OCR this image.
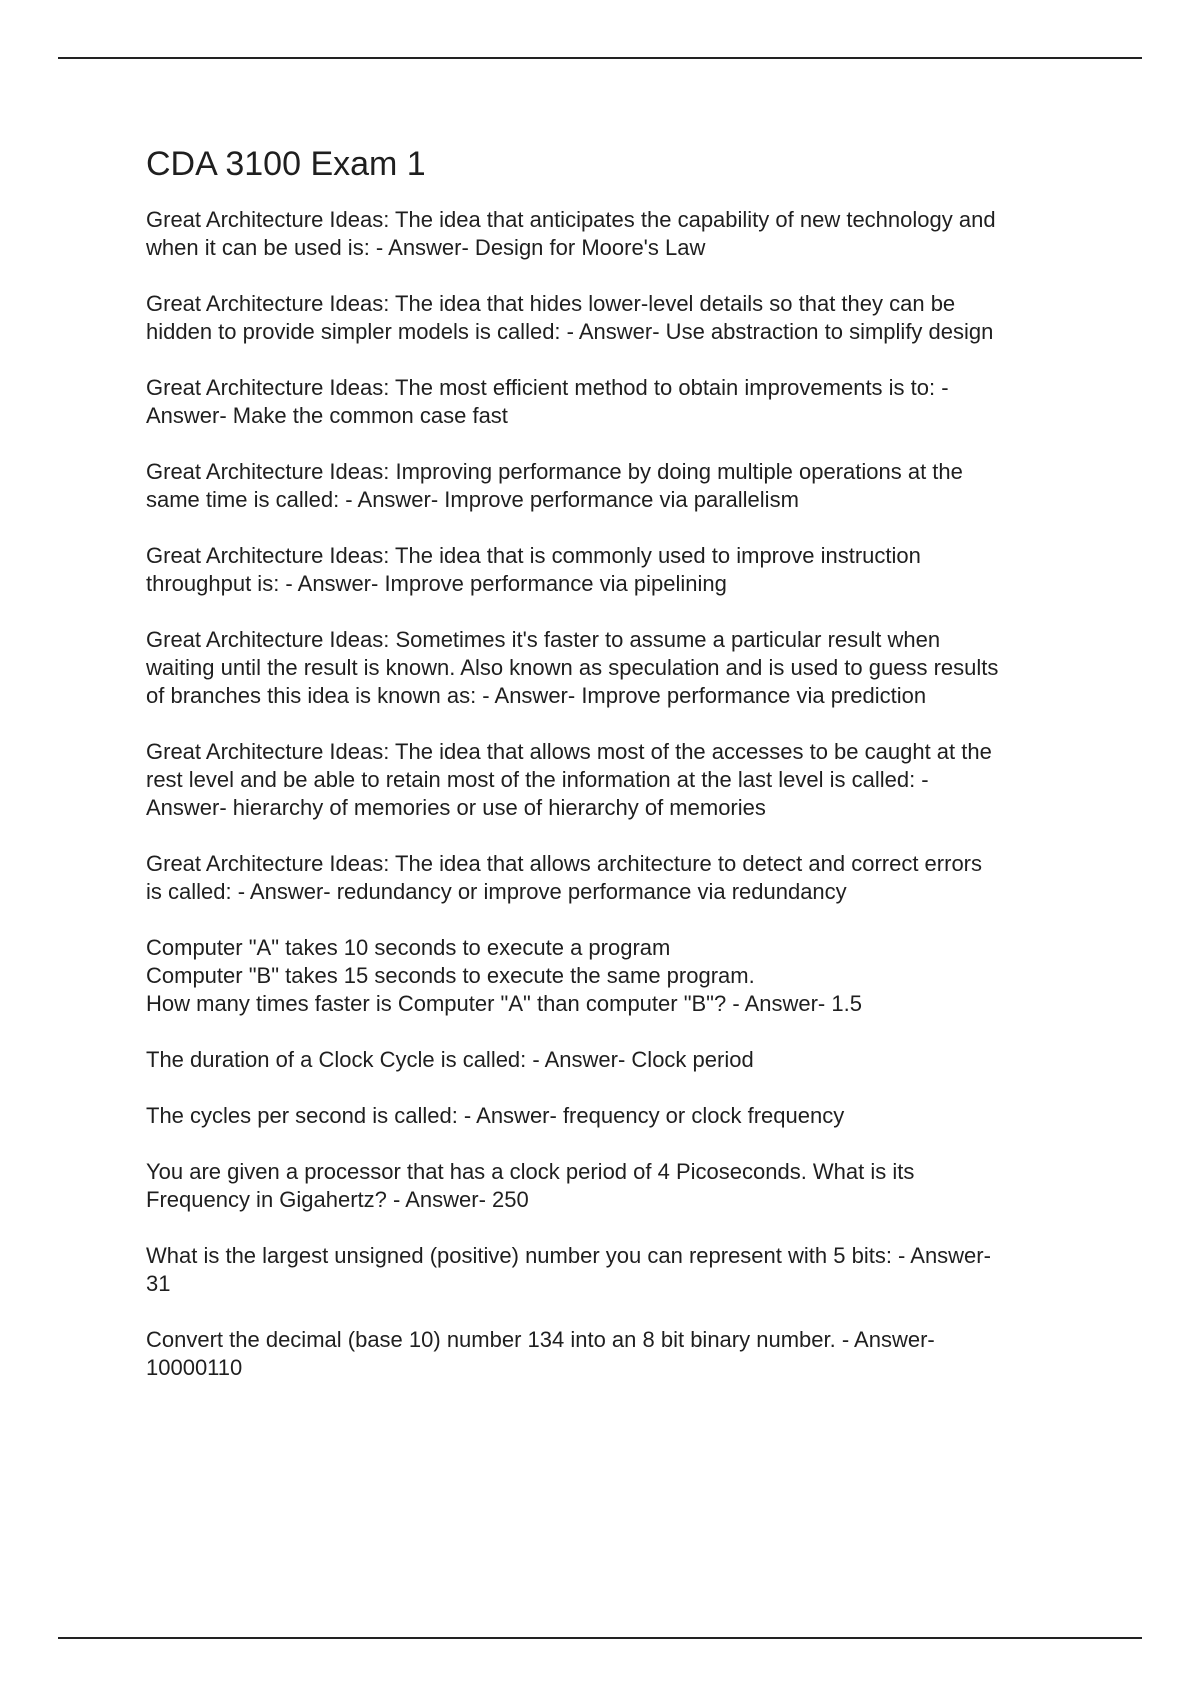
CDA 3100 Exam 1

Great Architecture Ideas: The idea that anticipates the capability of new technology and
when it can be used is: - Answer- Design for Moore's Law

Great Architecture Ideas: The idea that hides lower-level details so that they can be
hidden to provide simpler models is called: - Answer- Use abstraction to simplify design

Great Architecture Ideas: The most efficient method to obtain improvements is to: -
Answer- Make the common case fast

Great Architecture Ideas: Improving performance by doing multiple operations at the
same time is called: - Answer- Improve performance via parallelism

Great Architecture Ideas: The idea that is commonly used to improve instruction
throughput is: - Answer- Improve performance via pipelining

Great Architecture Ideas: Sometimes it's faster to assume a particular result when
waiting until the result is known. Also known as speculation and is used to guess results
of branches this idea is known as: - Answer- Improve performance via prediction

Great Architecture Ideas: The idea that allows most of the accesses to be caught at the
rest level and be able to retain most of the information at the last level is called: -
Answer- hierarchy of memories or use of hierarchy of memories

Great Architecture Ideas: The idea that allows architecture to detect and correct errors
is called: - Answer- redundancy or improve performance via redundancy

Computer "A" takes 10 seconds to execute a program
Computer "B" takes 15 seconds to execute the same program.
How many times faster is Computer "A" than computer "B"? - Answer- 1.5

The duration of a Clock Cycle is called: - Answer- Clock period

The cycles per second is called: - Answer- frequency or clock frequency

You are given a processor that has a clock period of 4 Picoseconds. What is its
Frequency in Gigahertz? - Answer- 250

What is the largest unsigned (positive) number you can represent with 5 bits: - Answer-
31

Convert the decimal (base 10) number 134 into an 8 bit binary number. - Answer-
10000110
